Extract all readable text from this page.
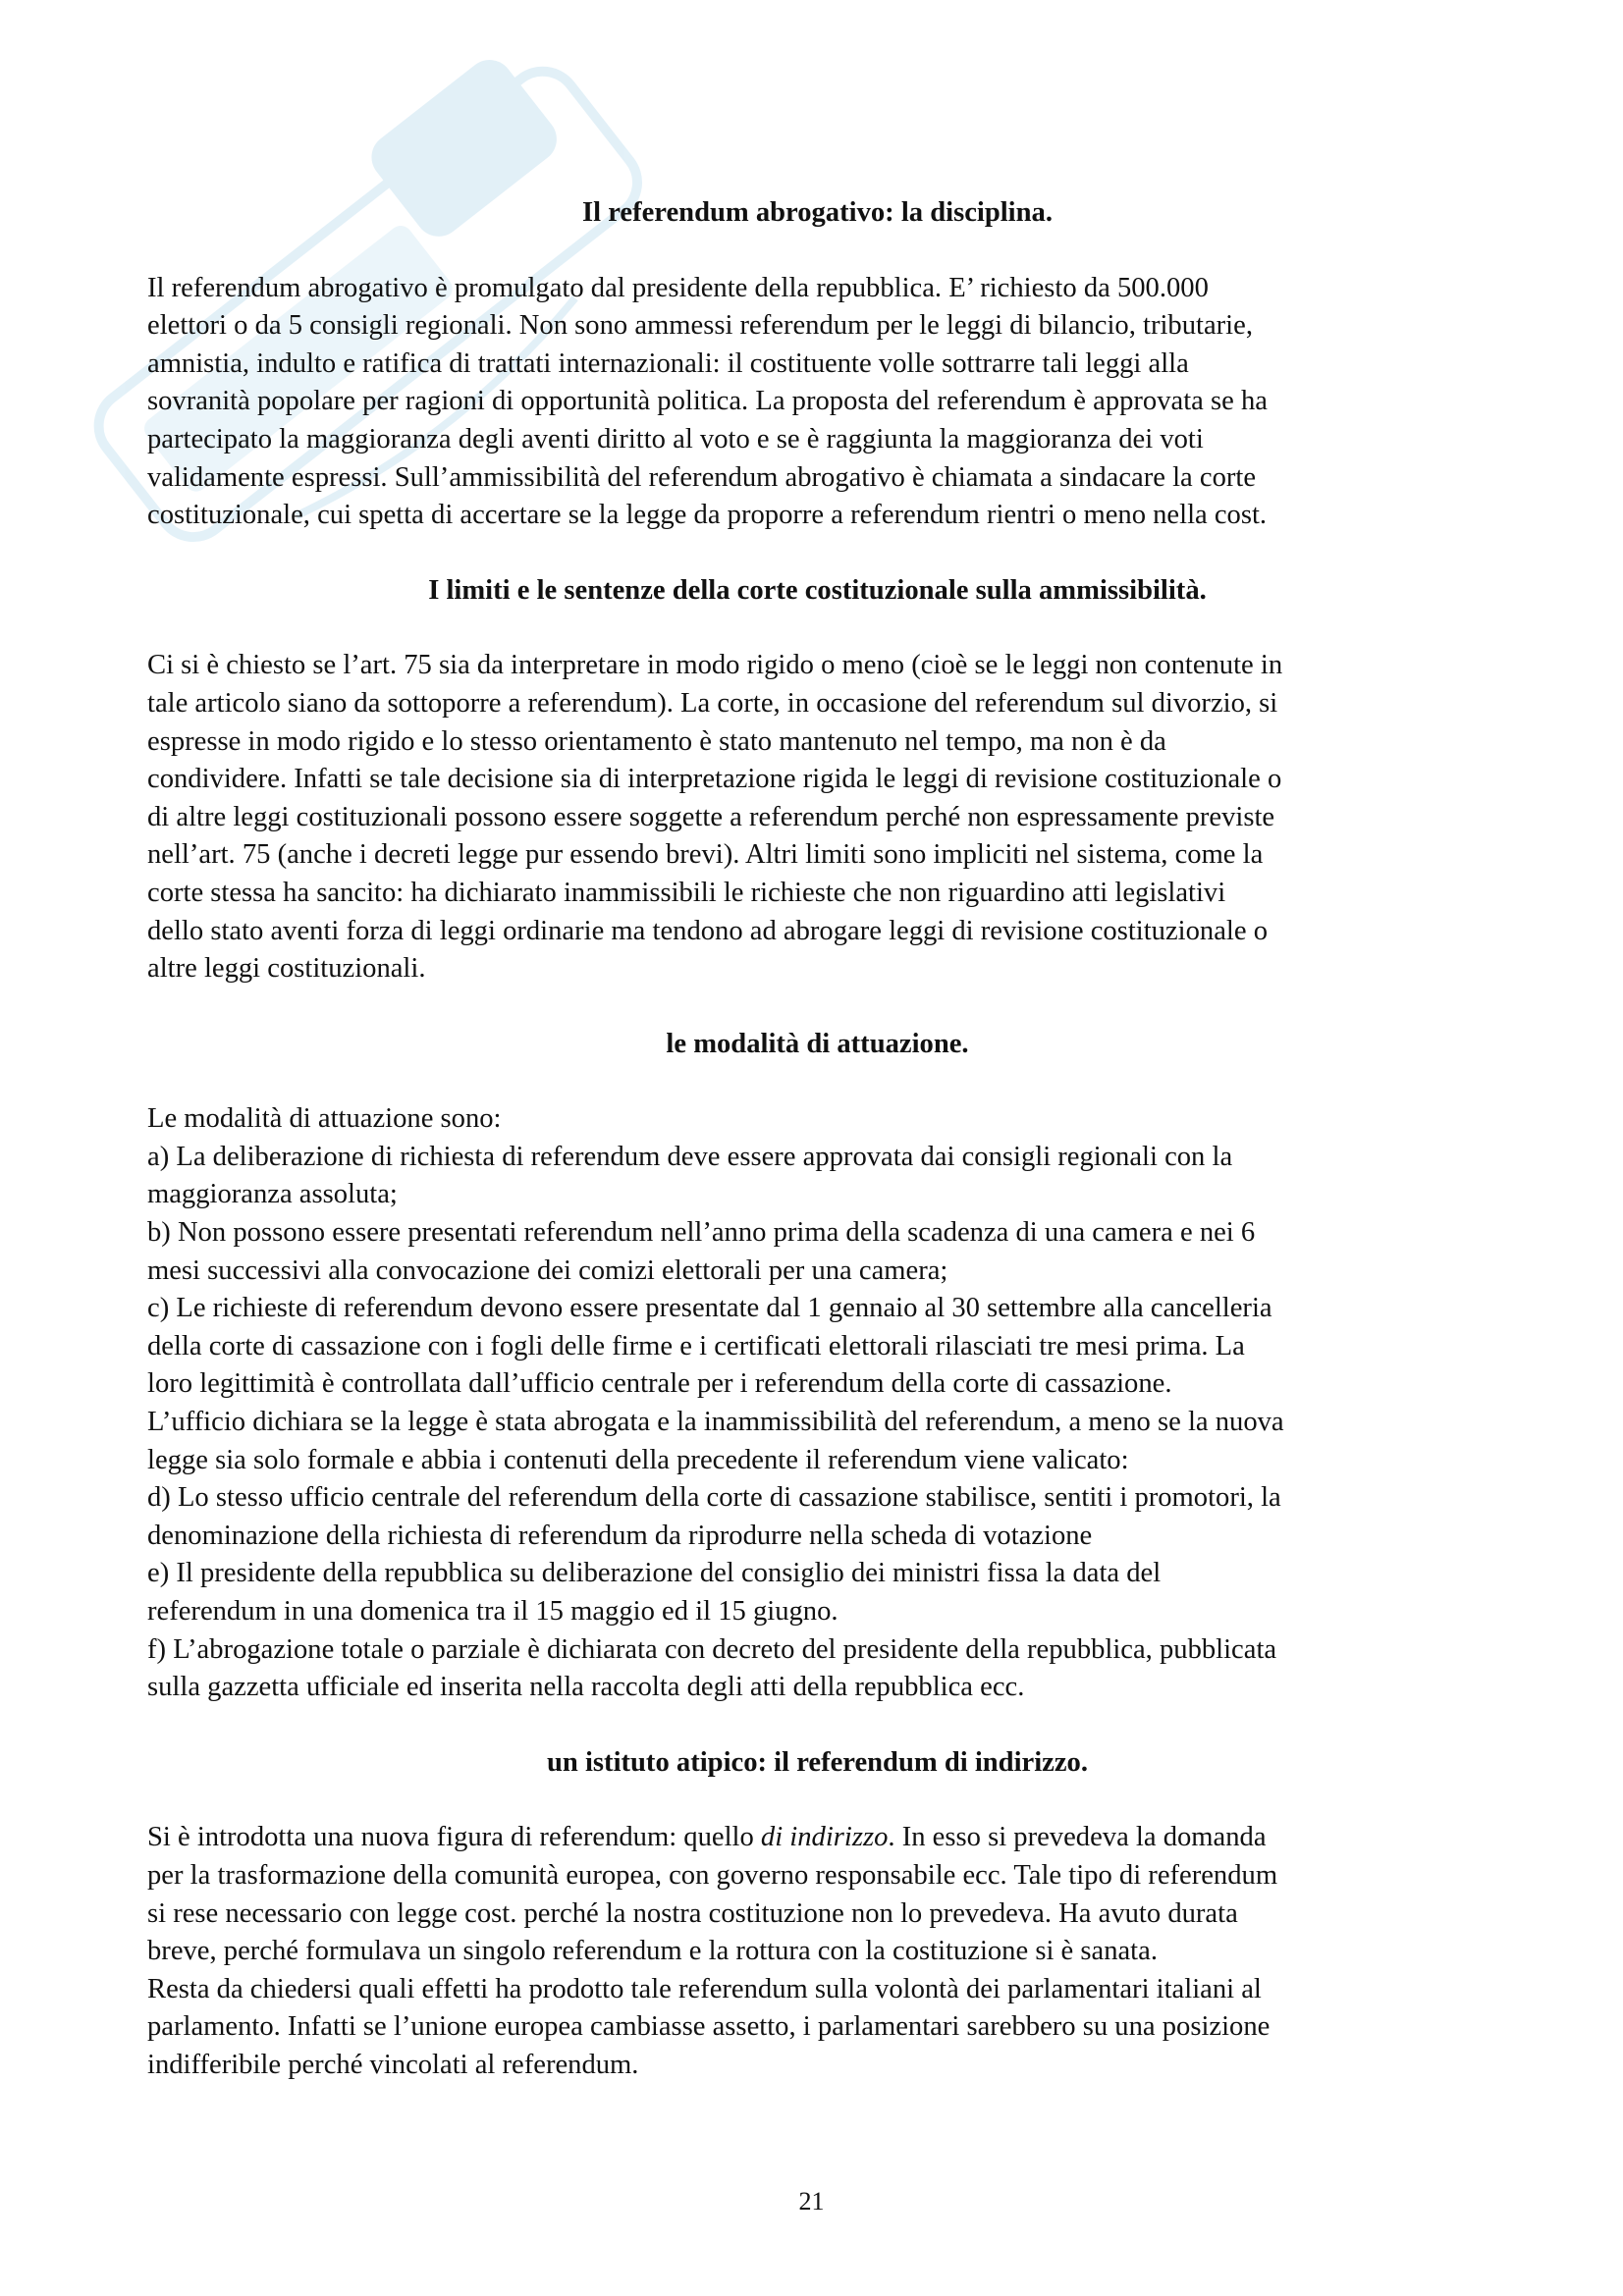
Il referendum abrogativo: la disciplina.

Il referendum abrogativo è promulgato dal presidente della repubblica. E’ richiesto da 500.000
elettori o da 5 consigli regionali. Non sono ammessi referendum per le leggi di bilancio, tributarie,
amnistia, indulto e ratifica di trattati internazionali: il costituente volle sottrarre tali leggi alla
sovranità popolare per ragioni di opportunità politica. La proposta del referendum è approvata se ha
partecipato la maggioranza degli aventi diritto al voto e se è raggiunta la maggioranza dei voti
validamente espressi. Sull’ammissibilità del referendum abrogativo è chiamata a sindacare la corte
costituzionale, cui spetta di accertare se la legge da proporre a referendum rientri o meno nella cost.

I limiti e le sentenze della corte costituzionale sulla ammissibilità.

Ci si è chiesto se l’art. 75 sia da interpretare in modo rigido o meno (cioè se le leggi non contenute in
tale articolo siano da sottoporre a referendum). La corte, in occasione del referendum sul divorzio, si
espresse in modo rigido e lo stesso orientamento è stato mantenuto nel tempo, ma non è da
condividere. Infatti se tale decisione sia di interpretazione rigida le leggi di revisione costituzionale o
di altre leggi costituzionali possono essere soggette a referendum perché non espressamente previste
nell’art. 75 (anche i decreti legge pur essendo brevi). Altri limiti sono impliciti nel sistema, come la
corte stessa ha sancito: ha dichiarato inammissibili le richieste che non riguardino atti legislativi
dello stato aventi forza di leggi ordinarie ma tendono ad abrogare leggi di revisione costituzionale o
altre leggi costituzionali.

le modalità di attuazione.

Le modalità di attuazione sono:
a) La deliberazione di richiesta di referendum deve essere approvata dai consigli regionali con la
maggioranza assoluta;
b) Non possono essere presentati referendum nell’anno prima della scadenza di una camera e nei 6
mesi successivi alla convocazione dei comizi elettorali per una camera;
c) Le richieste di referendum devono essere presentate dal 1 gennaio al 30 settembre alla cancelleria
della corte di cassazione con i fogli delle firme e i certificati elettorali rilasciati tre mesi prima. La
loro legittimità è controllata dall’ufficio centrale per i referendum della corte di cassazione.
L’ufficio dichiara se la legge è stata abrogata e la inammissibilità del referendum, a meno se la nuova
legge sia solo formale e abbia i contenuti della precedente il referendum viene valicato:
d) Lo stesso ufficio centrale del referendum della corte di cassazione stabilisce, sentiti i promotori, la
denominazione della richiesta di referendum da riprodurre nella scheda di votazione
e) Il presidente della repubblica su deliberazione del consiglio dei ministri fissa la data del
referendum in una domenica tra il 15 maggio ed il 15 giugno.
f) L’abrogazione totale o parziale è dichiarata con decreto del presidente della repubblica, pubblicata
sulla gazzetta ufficiale ed inserita nella raccolta degli atti della repubblica ecc.

un istituto atipico: il referendum di indirizzo.

Si è introdotta una nuova figura di referendum: quello di indirizzo. In esso si prevedeva la domanda
per la trasformazione della comunità europea, con governo responsabile ecc. Tale tipo di referendum
si rese necessario con legge cost. perché la nostra costituzione non lo prevedeva. Ha avuto durata
breve, perché formulava un singolo referendum e la rottura con la costituzione si è sanata.
Resta da chiedersi quali effetti ha prodotto tale referendum sulla volontà dei parlamentari italiani al
parlamento. Infatti se l’unione europea cambiasse assetto, i parlamentari sarebbero su una posizione
indifferibile perché vincolati al referendum.

21
